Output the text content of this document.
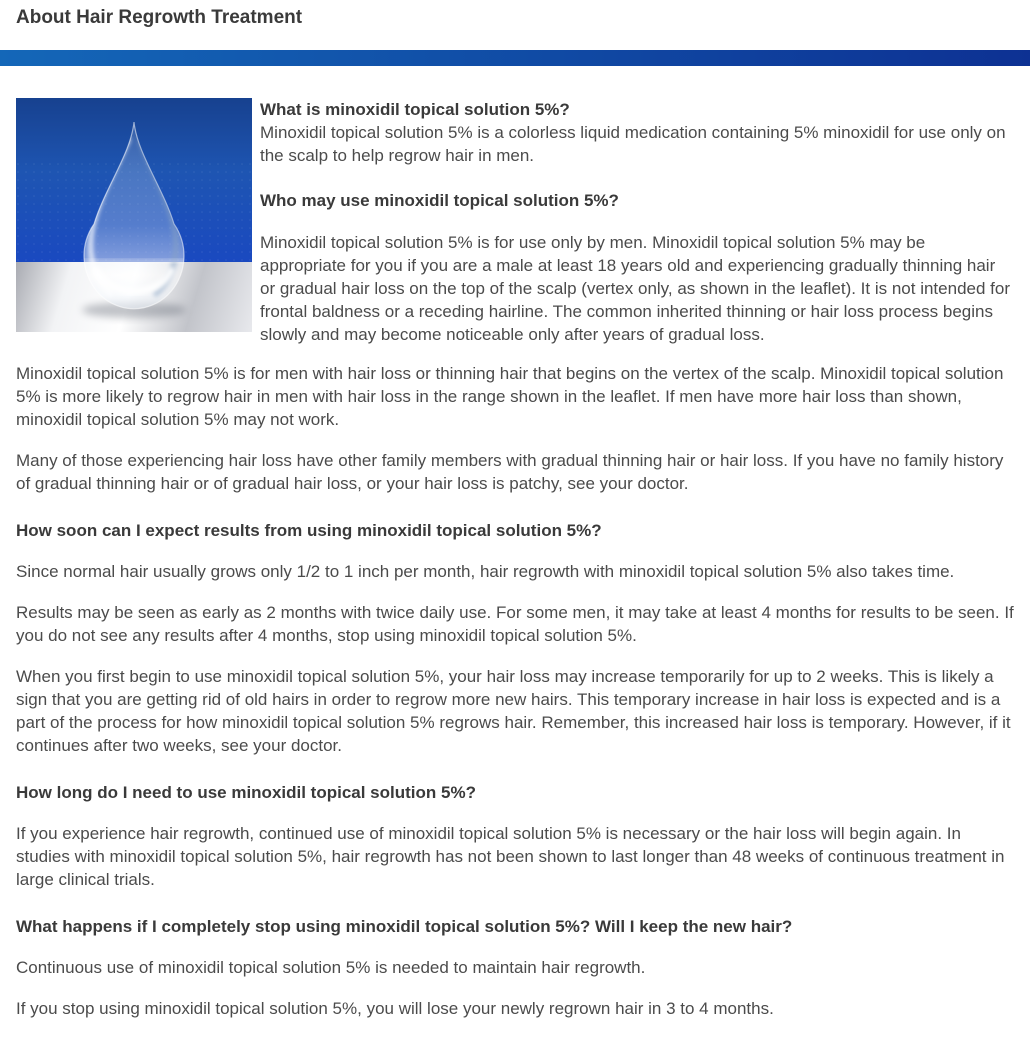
About Hair Regrowth Treatment
What is minoxidil topical solution 5%?

Minoxidil topical solution 5% is a colorless liquid medication containing 5% minoxidil for use only on the scalp to help regrow hair in men.

Who may use minoxidil topical solution 5%?

Minoxidil topical solution 5% is for use only by men. Minoxidil topical solution 5% may be appropriate for you if you are a male at least 18 years old and experiencing gradually thinning hair or gradual hair loss on the top of the scalp (vertex only, as shown in the leaflet). It is not intended for frontal baldness or a receding hairline. The common inherited thinning or hair loss process begins slowly and may become noticeable only after years of gradual loss.

Minoxidil topical solution 5% is for men with hair loss or thinning hair that begins on the vertex of the scalp. Minoxidil topical solution 5% is more likely to regrow hair in men with hair loss in the range shown in the leaflet. If men have more hair loss than shown, minoxidil topical solution 5% may not work.

Many of those experiencing hair loss have other family members with gradual thinning hair or hair loss. If you have no family history of gradual thinning hair or of gradual hair loss, or your hair loss is patchy, see your doctor.

How soon can I expect results from using minoxidil topical solution 5%?

Since normal hair usually grows only 1/2 to 1 inch per month, hair regrowth with minoxidil topical solution 5% also takes time.

Results may be seen as early as 2 months with twice daily use. For some men, it may take at least 4 months for results to be seen. If you do not see any results after 4 months, stop using minoxidil topical solution 5%.

When you first begin to use minoxidil topical solution 5%, your hair loss may increase temporarily for up to 2 weeks. This is likely a sign that you are getting rid of old hairs in order to regrow more new hairs. This temporary increase in hair loss is expected and is a part of the process for how minoxidil topical solution 5% regrows hair. Remember, this increased hair loss is temporary. However, if it continues after two weeks, see your doctor.

How long do I need to use minoxidil topical solution 5%?

If you experience hair regrowth, continued use of minoxidil topical solution 5% is necessary or the hair loss will begin again. In studies with minoxidil topical solution 5%, hair regrowth has not been shown to last longer than 48 weeks of continuous treatment in large clinical trials.

What happens if I completely stop using minoxidil topical solution 5%? Will I keep the new hair?

Continuous use of minoxidil topical solution 5% is needed to maintain hair regrowth.

If you stop using minoxidil topical solution 5%, you will lose your newly regrown hair in 3 to 4 months.
